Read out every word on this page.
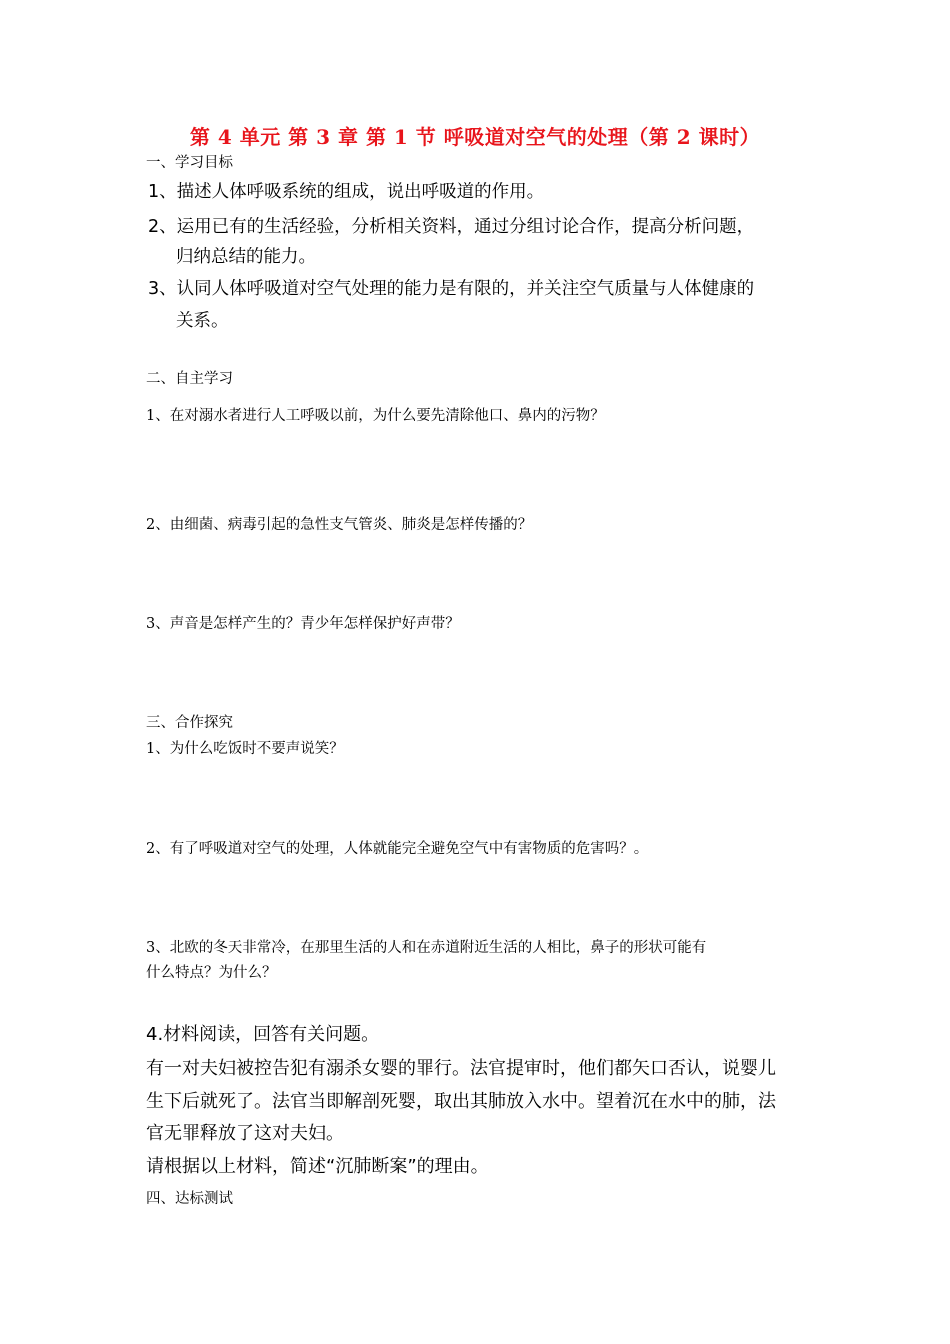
第 4 单元 第 3 章 第 1 节 呼吸道对空气的处理（第 2 课时）

一、学习目标

1、描述人体呼吸系统的组成，说出呼吸道的作用。

2、运用已有的生活经验，分析相关资料，通过分组讨论合作，提高分析问题，

归纳总结的能力。

3、认同人体呼吸道对空气处理的能力是有限的，并关注空气质量与人体健康的

关系。

二、自主学习

1、在对溺水者进行人工呼吸以前，为什么要先清除他口、鼻内的污物？

2、由细菌、病毒引起的急性支气管炎、肺炎是怎样传播的？

3、声音是怎样产生的？青少年怎样保护好声带？

三、合作探究

1、为什么吃饭时不要声说笑？

2、有了呼吸道对空气的处理，人体就能完全避免空气中有害物质的危害吗？。

3、北欧的冬天非常冷，在那里生活的人和在赤道附近生活的人相比，鼻子的形状可能有

什么特点？为什么？

4.材料阅读，回答有关问题。

有一对夫妇被控告犯有溺杀女婴的罪行。法官提审时，他们都矢口否认，说婴儿

生下后就死了。法官当即解剖死婴，取出其肺放入水中。望着沉在水中的肺，法

官无罪释放了这对夫妇。

请根据以上材料，简述“沉肺断案”的理由。

四、达标测试
